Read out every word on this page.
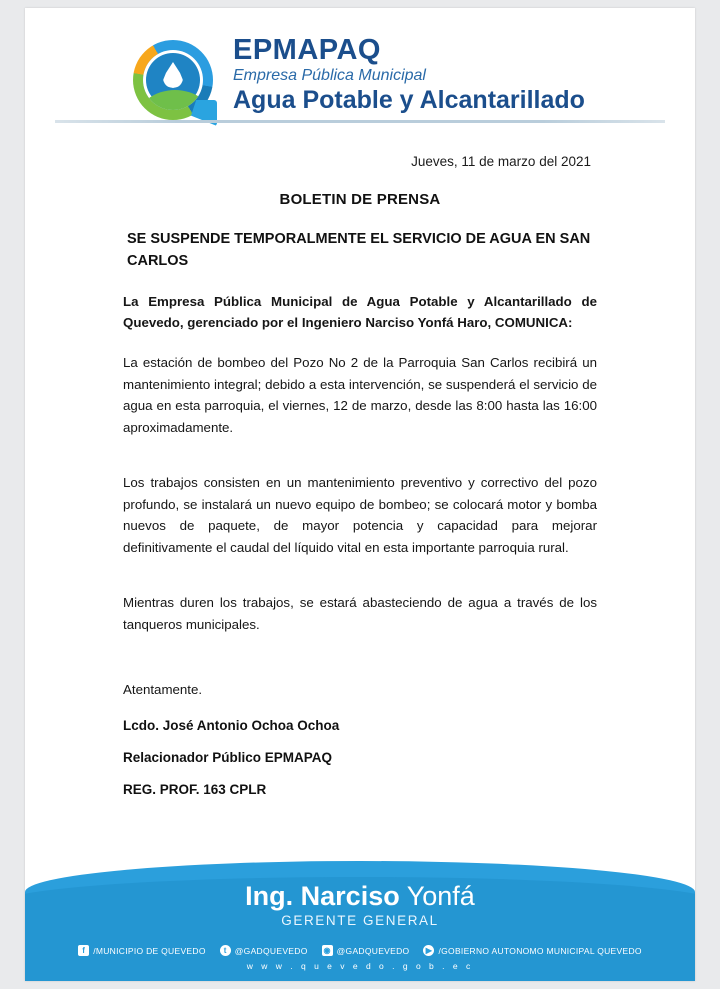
EPMAPAQ
Empresa Pública Municipal
Agua Potable y Alcantarillado
Jueves, 11 de marzo del 2021
BOLETIN DE PRENSA
SE SUSPENDE TEMPORALMENTE EL SERVICIO DE AGUA EN SAN CARLOS

La Empresa Pública Municipal de Agua Potable y Alcantarillado de Quevedo, gerenciado por el Ingeniero Narciso Yonfá Haro, COMUNICA:

La estación de bombeo del Pozo No 2 de la Parroquia San Carlos recibirá un mantenimiento integral; debido a esta intervención, se suspenderá el servicio de agua en esta parroquia, el viernes, 12 de marzo, desde las 8:00 hasta las 16:00 aproximadamente.

Los trabajos consisten en un mantenimiento preventivo y correctivo del pozo profundo, se instalará un nuevo equipo de bombeo; se colocará motor y bomba nuevos de paquete, de mayor potencia y capacidad para mejorar definitivamente el caudal del líquido vital en esta importante parroquia rural.

Mientras duren los trabajos, se estará abasteciendo de agua a través de los tanqueros municipales.

Atentamente.
Lcdo. José Antonio Ochoa Ochoa
Relacionador Público EPMAPAQ
REG. PROF. 163 CPLR
Ing. Narciso Yonfá
GERENTE GENERAL
f /MUNICIPIO DE QUEVEDO	t @GADQUEVEDO ◉ @GADQUEVEDO ▶ /GOBIERNO AUTONOMO MUNICIPAL QUEVEDO
w w w . q u e v e d o . g o b . e c
